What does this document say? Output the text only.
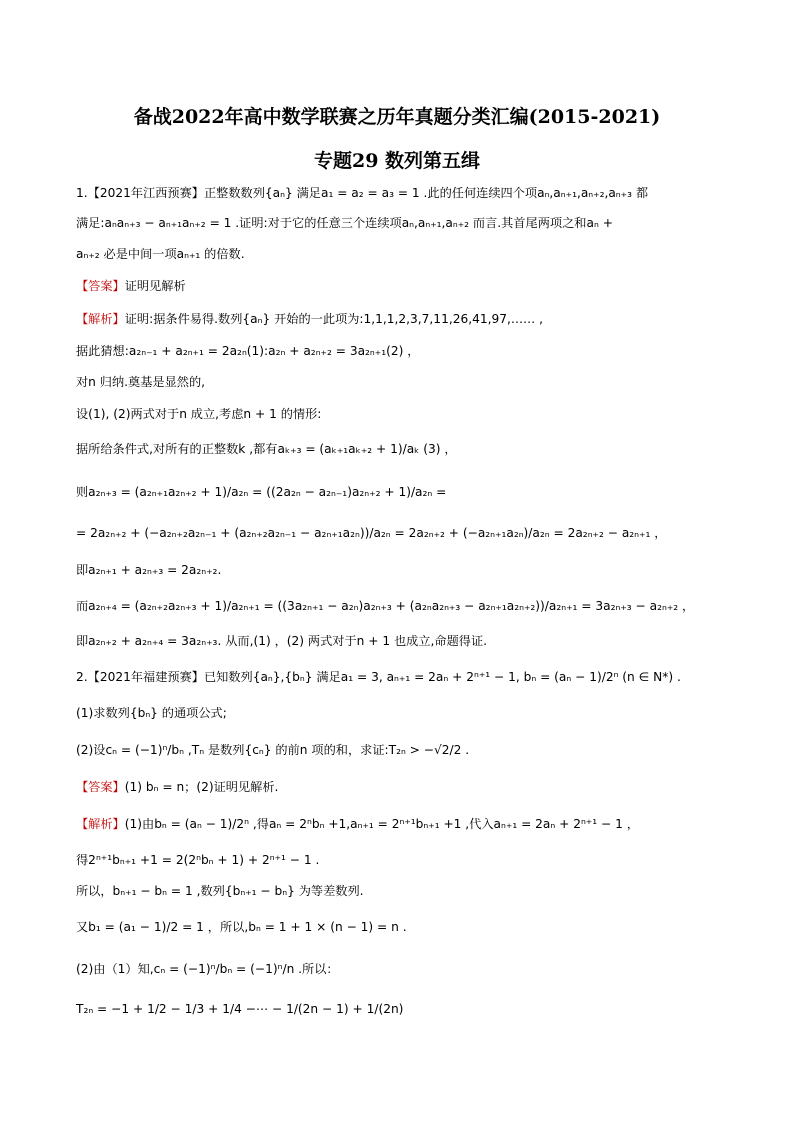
备战2022年高中数学联赛之历年真题分类汇编(2015-2021)
专题29 数列第五缉
1.【2021年江西预赛】正整数数列{aₙ} 满足a₁ = a₂ = a₃ = 1 .此的任何连续四个项aₙ,aₙ₊₁,aₙ₊₂,aₙ₊₃ 都
满足:aₙaₙ₊₃ − aₙ₊₁aₙ₊₂ = 1 .证明:对于它的任意三个连续项aₙ,aₙ₊₁,aₙ₊₂ 而言.其首尾两项之和aₙ +
aₙ₊₂ 必是中间一项aₙ₊₁ 的倍数.
【答案】证明见解析
【解析】证明:据条件易得.数列{aₙ} 开始的一此项为:1,1,1,2,3,7,11,26,41,97,…… ,
据此猜想:a₂ₙ₋₁ + a₂ₙ₊₁ = 2a₂ₙ(1):a₂ₙ + a₂ₙ₊₂ = 3a₂ₙ₊₁(2) ，
对n 归纳.奠基是显然的,
设(1), (2)两式对于n 成立,考虑n + 1 的情形:
据所给条件式,对所有的正整数k ,都有aₖ₊₃ = (aₖ₊₁aₖ₊₂ + 1)/aₖ (3) ，
则a₂ₙ₊₃ = (a₂ₙ₊₁a₂ₙ₊₂ + 1)/a₂ₙ = ((2a₂ₙ − a₂ₙ₋₁)a₂ₙ₊₂ + 1)/a₂ₙ =
= 2a₂ₙ₊₂ + (−a₂ₙ₊₂a₂ₙ₋₁ + (a₂ₙ₊₂a₂ₙ₋₁ − a₂ₙ₊₁a₂ₙ))/a₂ₙ = 2a₂ₙ₊₂ + (−a₂ₙ₊₁a₂ₙ)/a₂ₙ = 2a₂ₙ₊₂ − a₂ₙ₊₁ ，
即a₂ₙ₊₁ + a₂ₙ₊₃ = 2a₂ₙ₊₂.
而a₂ₙ₊₄ = (a₂ₙ₊₂a₂ₙ₊₃ + 1)/a₂ₙ₊₁ = ((3a₂ₙ₊₁ − a₂ₙ)a₂ₙ₊₃ + (a₂ₙa₂ₙ₊₃ − a₂ₙ₊₁a₂ₙ₊₂))/a₂ₙ₊₁ = 3a₂ₙ₊₃ − a₂ₙ₊₂ ，
即a₂ₙ₊₂ + a₂ₙ₊₄ = 3a₂ₙ₊₃. 从而,(1) ，(2) 两式对于n + 1 也成立,命题得证.
2.【2021年福建预赛】已知数列{aₙ},{bₙ} 满足a₁ = 3, aₙ₊₁ = 2aₙ + 2ⁿ⁺¹ − 1, bₙ = (aₙ − 1)/2ⁿ (n ∈ N*) .
(1)求数列{bₙ} 的通项公式;
(2)设cₙ = (−1)ⁿ/bₙ ,Tₙ 是数列{cₙ} 的前n 项的和，求证:T₂ₙ > −√2/2 .
【答案】(1) bₙ = n；(2)证明见解析.
【解析】(1)由bₙ = (aₙ − 1)/2ⁿ ,得aₙ = 2ⁿbₙ +1,aₙ₊₁ = 2ⁿ⁺¹bₙ₊₁ +1 ,代入aₙ₊₁ = 2aₙ + 2ⁿ⁺¹ − 1 ，
得2ⁿ⁺¹bₙ₊₁ +1 = 2(2ⁿbₙ + 1) + 2ⁿ⁺¹ − 1 .
所以，bₙ₊₁ − bₙ = 1 ,数列{bₙ₊₁ − bₙ} 为等差数列.
又b₁ = (a₁ − 1)/2 = 1 ，所以,bₙ = 1 + 1 × (n − 1) = n .
(2)由（1）知,cₙ = (−1)ⁿ/bₙ = (−1)ⁿ/n .所以：
T₂ₙ = −1 + 1/2 − 1/3 + 1/4 −⋯ − 1/(2n − 1) + 1/(2n)
